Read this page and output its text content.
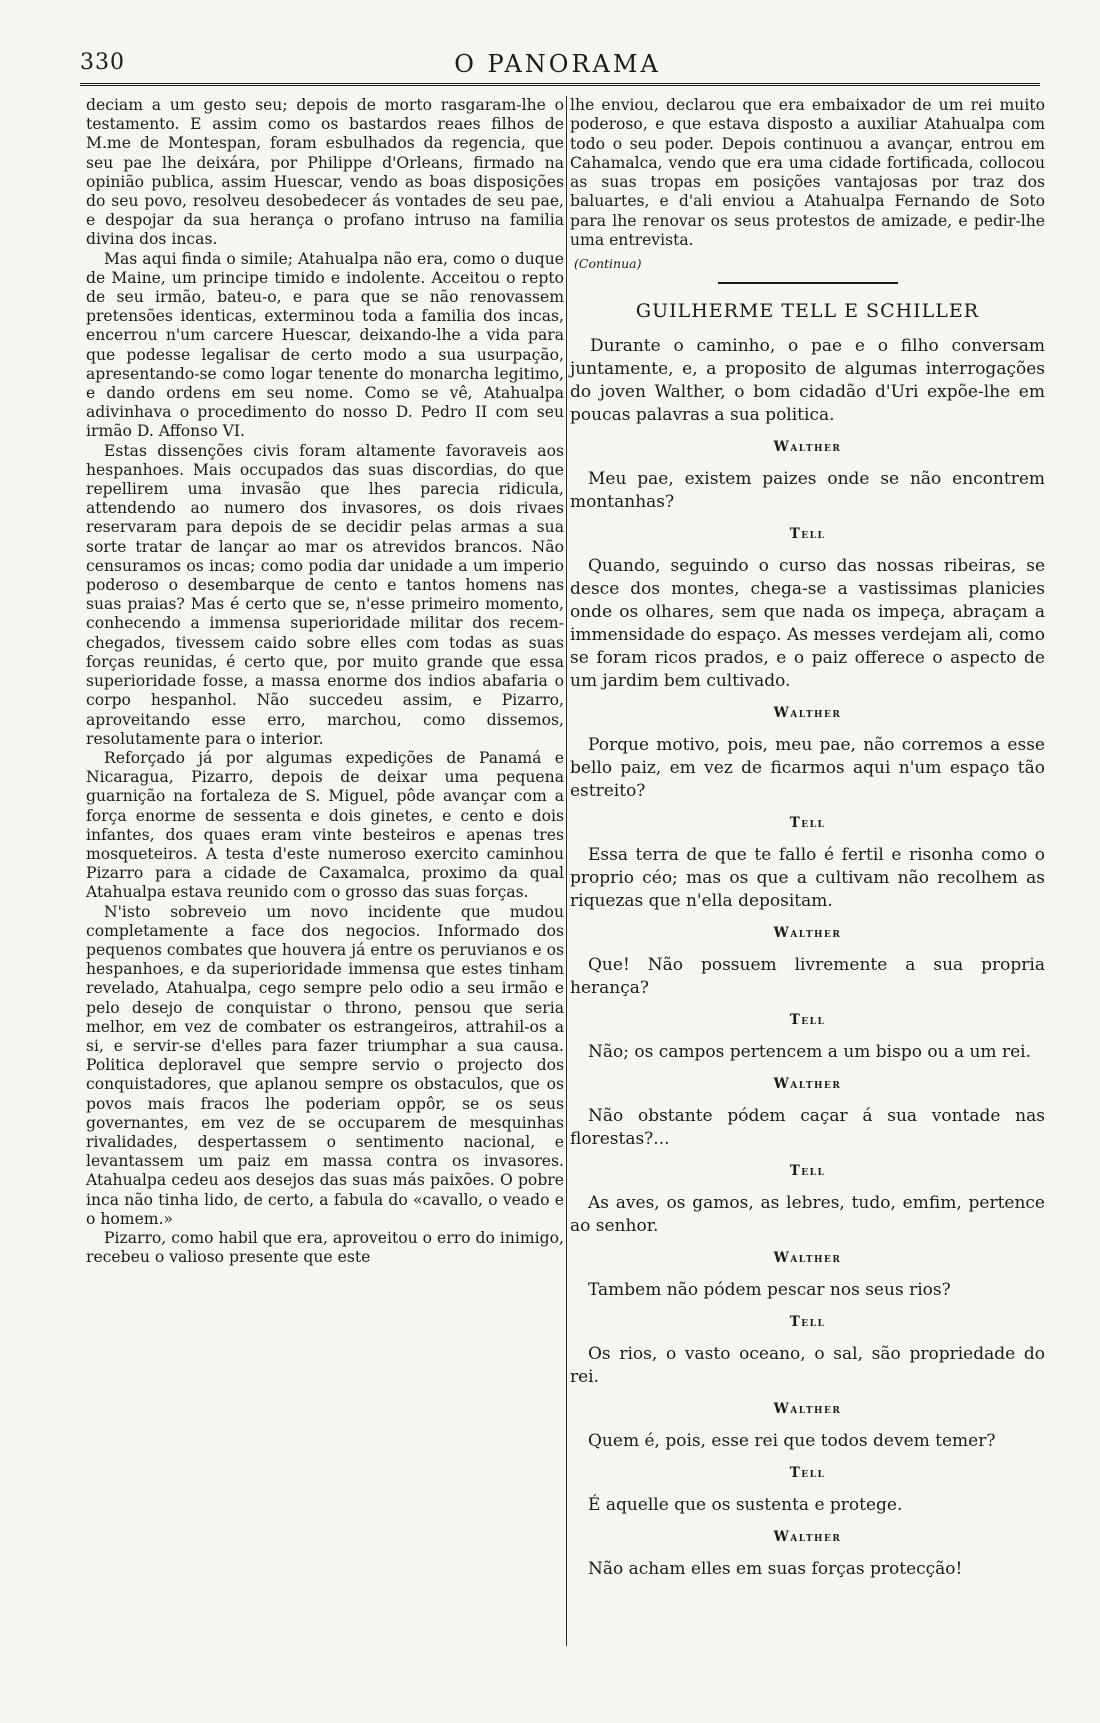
330	O PANORAMA

deciam a um gesto seu; depois de morto rasgaram-lhe o testamento. E assim como os bastardos reaes filhos de M.me de Montespan, foram esbulhados da regencia, que seu pae lhe deixára, por Philippe d'Orleans, firmado na opinião publica, assim Huescar, vendo as boas disposições do seu povo, resolveu desobedecer ás vontades de seu pae, e despojar da sua herança o profano intruso na familia divina dos incas.

Mas aqui finda o simile; Atahualpa não era, como o duque de Maine, um principe timido e indolente. Acceitou o repto de seu irmão, bateu-o, e para que se não renovassem pretensões identicas, exterminou toda a familia dos incas, encerrou n'um carcere Huescar, deixando-lhe a vida para que podesse legalisar de certo modo a sua usurpação, apresentando-se como logar tenente do monarcha legitimo, e dando ordens em seu nome. Como se vê, Atahualpa adivinhava o procedimento do nosso D. Pedro II com seu irmão D. Affonso VI.

Estas dissenções civis foram altamente favoraveis aos hespanhoes. Mais occupados das suas discordias, do que repellirem uma invasão que lhes parecia ridicula, attendendo ao numero dos invasores, os dois rivaes reservaram para depois de se decidir pelas armas a sua sorte tratar de lançar ao mar os atrevidos brancos. Não censuramos os incas; como podia dar unidade a um imperio poderoso o desembarque de cento e tantos homens nas suas praias? Mas é certo que se, n'esse primeiro momento, conhecendo a immensa superioridade militar dos recem-chegados, tivessem caido sobre elles com todas as suas forças reunidas, é certo que, por muito grande que essa superioridade fosse, a massa enorme dos indios abafaria o corpo hespanhol. Não succedeu assim, e Pizarro, aproveitando esse erro, marchou, como dissemos, resolutamente para o interior.

Reforçado já por algumas expedições de Panamá e Nicaragua, Pizarro, depois de deixar uma pequena guarnição na fortaleza de S. Miguel, pôde avançar com a força enorme de sessenta e dois ginetes, e cento e dois infantes, dos quaes eram vinte besteiros e apenas tres mosqueteiros. A testa d'este numeroso exercito caminhou Pizarro para a cidade de Caxamalca, proximo da qual Atahualpa estava reunido com o grosso das suas forças.

N'isto sobreveio um novo incidente que mudou completamente a face dos negocios. Informado dos pequenos combates que houvera já entre os peruvianos e os hespanhoes, e da superioridade immensa que estes tinham revelado, Atahualpa, cego sempre pelo odio a seu irmão e pelo desejo de conquistar o throno, pensou que seria melhor, em vez de combater os estrangeiros, attrahil-os a si, e servir-se d'elles para fazer triumphar a sua causa. Politica deploravel que sempre servio o projecto dos conquistadores, que aplanou sempre os obstaculos, que os povos mais fracos lhe poderiam oppôr, se os seus governantes, em vez de se occuparem de mesquinhas rivalidades, despertassem o sentimento nacional, e levantassem um paiz em massa contra os invasores. Atahualpa cedeu aos desejos das suas más paixões. O pobre inca não tinha lido, de certo, a fabula do «cavallo, o veado e o homem.»

Pizarro, como habil que era, aproveitou o erro do inimigo, recebeu o valioso presente que este

lhe enviou, declarou que era embaixador de um rei muito poderoso, e que estava disposto a auxiliar Atahualpa com todo o seu poder. Depois continuou a avançar, entrou em Cahamalca, vendo que era uma cidade fortificada, collocou as suas tropas em posições vantajosas por traz dos baluartes, e d'ali enviou a Atahualpa Fernando de Soto para lhe renovar os seus protestos de amizade, e pedir-lhe uma entrevista.

(Continua)
GUILHERME TELL E SCHILLER

Durante o caminho, o pae e o filho conversam juntamente, e, a proposito de algumas interrogações do joven Walther, o bom cidadão d'Uri expõe-lhe em poucas palavras a sua politica.

Walther

Meu pae, existem paizes onde se não encontrem montanhas?

Tell

Quando, seguindo o curso das nossas ribeiras, se desce dos montes, chega-se a vastissimas planicies onde os olhares, sem que nada os impeça, abraçam a immensidade do espaço. As messes verdejam ali, como se foram ricos prados, e o paiz offerece o aspecto de um jardim bem cultivado.

Walther

Porque motivo, pois, meu pae, não corremos a esse bello paiz, em vez de ficarmos aqui n'um espaço tão estreito?

Tell

Essa terra de que te fallo é fertil e risonha como o proprio céo; mas os que a cultivam não recolhem as riquezas que n'ella depositam.

Walther

Que! Não possuem livremente a sua propria herança?

Tell

Não; os campos pertencem a um bispo ou a um rei.

Walther

Não obstante pódem caçar á sua vontade nas florestas?...

Tell

As aves, os gamos, as lebres, tudo, emfim, pertence ao senhor.

Walther

Tambem não pódem pescar nos seus rios?

Tell

Os rios, o vasto oceano, o sal, são propriedade do rei.

Walther

Quem é, pois, esse rei que todos devem temer?

Tell

É aquelle que os sustenta e protege.

Walther

Não acham elles em suas forças protecção!
